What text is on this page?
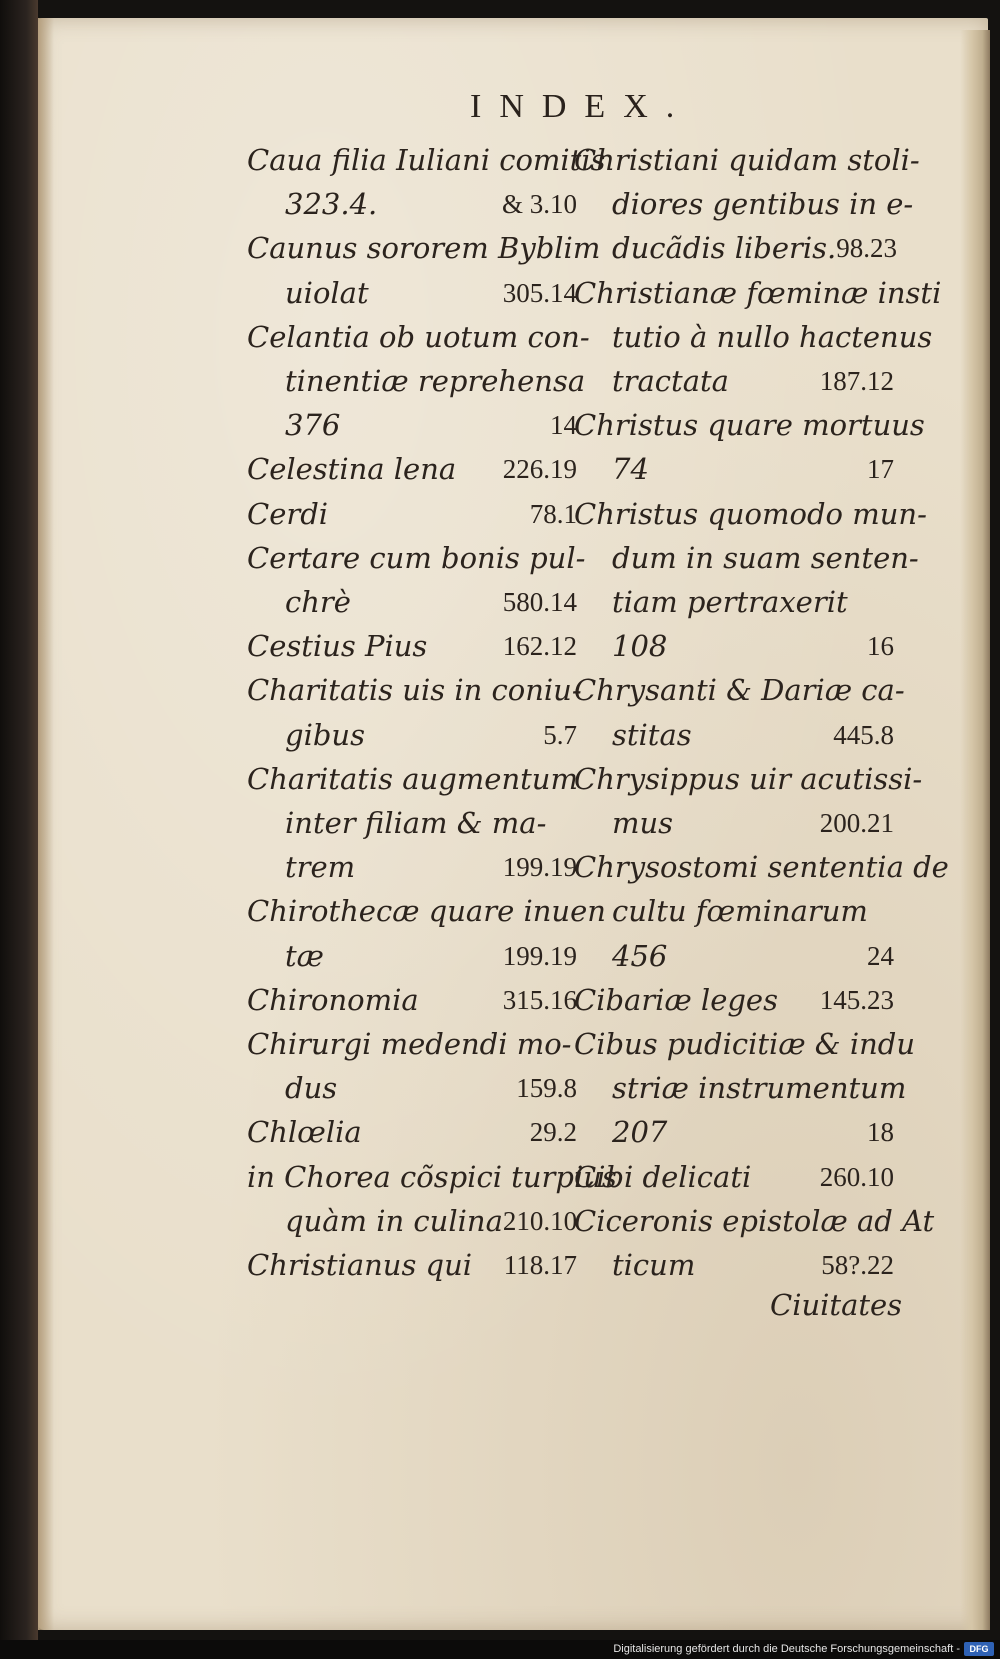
INDEX.
Caua filia Iuliani comitis
323.4.	& 3.10
Caunus sororem Byblim
uiolat	305.14
Celantia ob uotum con-
tinentiæ reprehensa
376	14
Celestina lena 226.19
Cerdi	78.1
Certare cum bonis pul-
chrè	580.14
Cestius Pius	162.12
Charitatis uis in coniu-
gibus	5.7
Charitatis augmentum
inter filiam & ma-
trem	199.19
Chirothecæ quare inuen
tæ	199.19
Chironomia	315.16
Chirurgi medendi mo-
dus	159.8
Chlœlia	29.2
in Chorea cõspici turpius
quàm in culina 210.10
Christianus qui 118.17
Christiani quidam stoli-
diores gentibus in e-
ducãdis liberis. 98.23
Christianæ fœminæ insti
tutio à nullo hactenus
tractata	187.12
Christus quare mortuus
74	17
Christus quomodo mun-
dum in suam senten-
tiam pertraxerit
108	16
Chrysanti & Dariæ ca-
stitas	445.8
Chrysippus uir acutissi-
mus	200.21
Chrysostomi sententia de
cultu fœminarum
456	24
Cibariæ leges 145.23
Cibus pudicitiæ & indu
striæ instrumentum
207	18
Cibi delicati	260.10
Ciceronis epistolæ ad At
ticum	58?.22
Ciuitates
Digitalisierung gefördert durch die Deutsche Forschungsgemeinschaft -	DFG
